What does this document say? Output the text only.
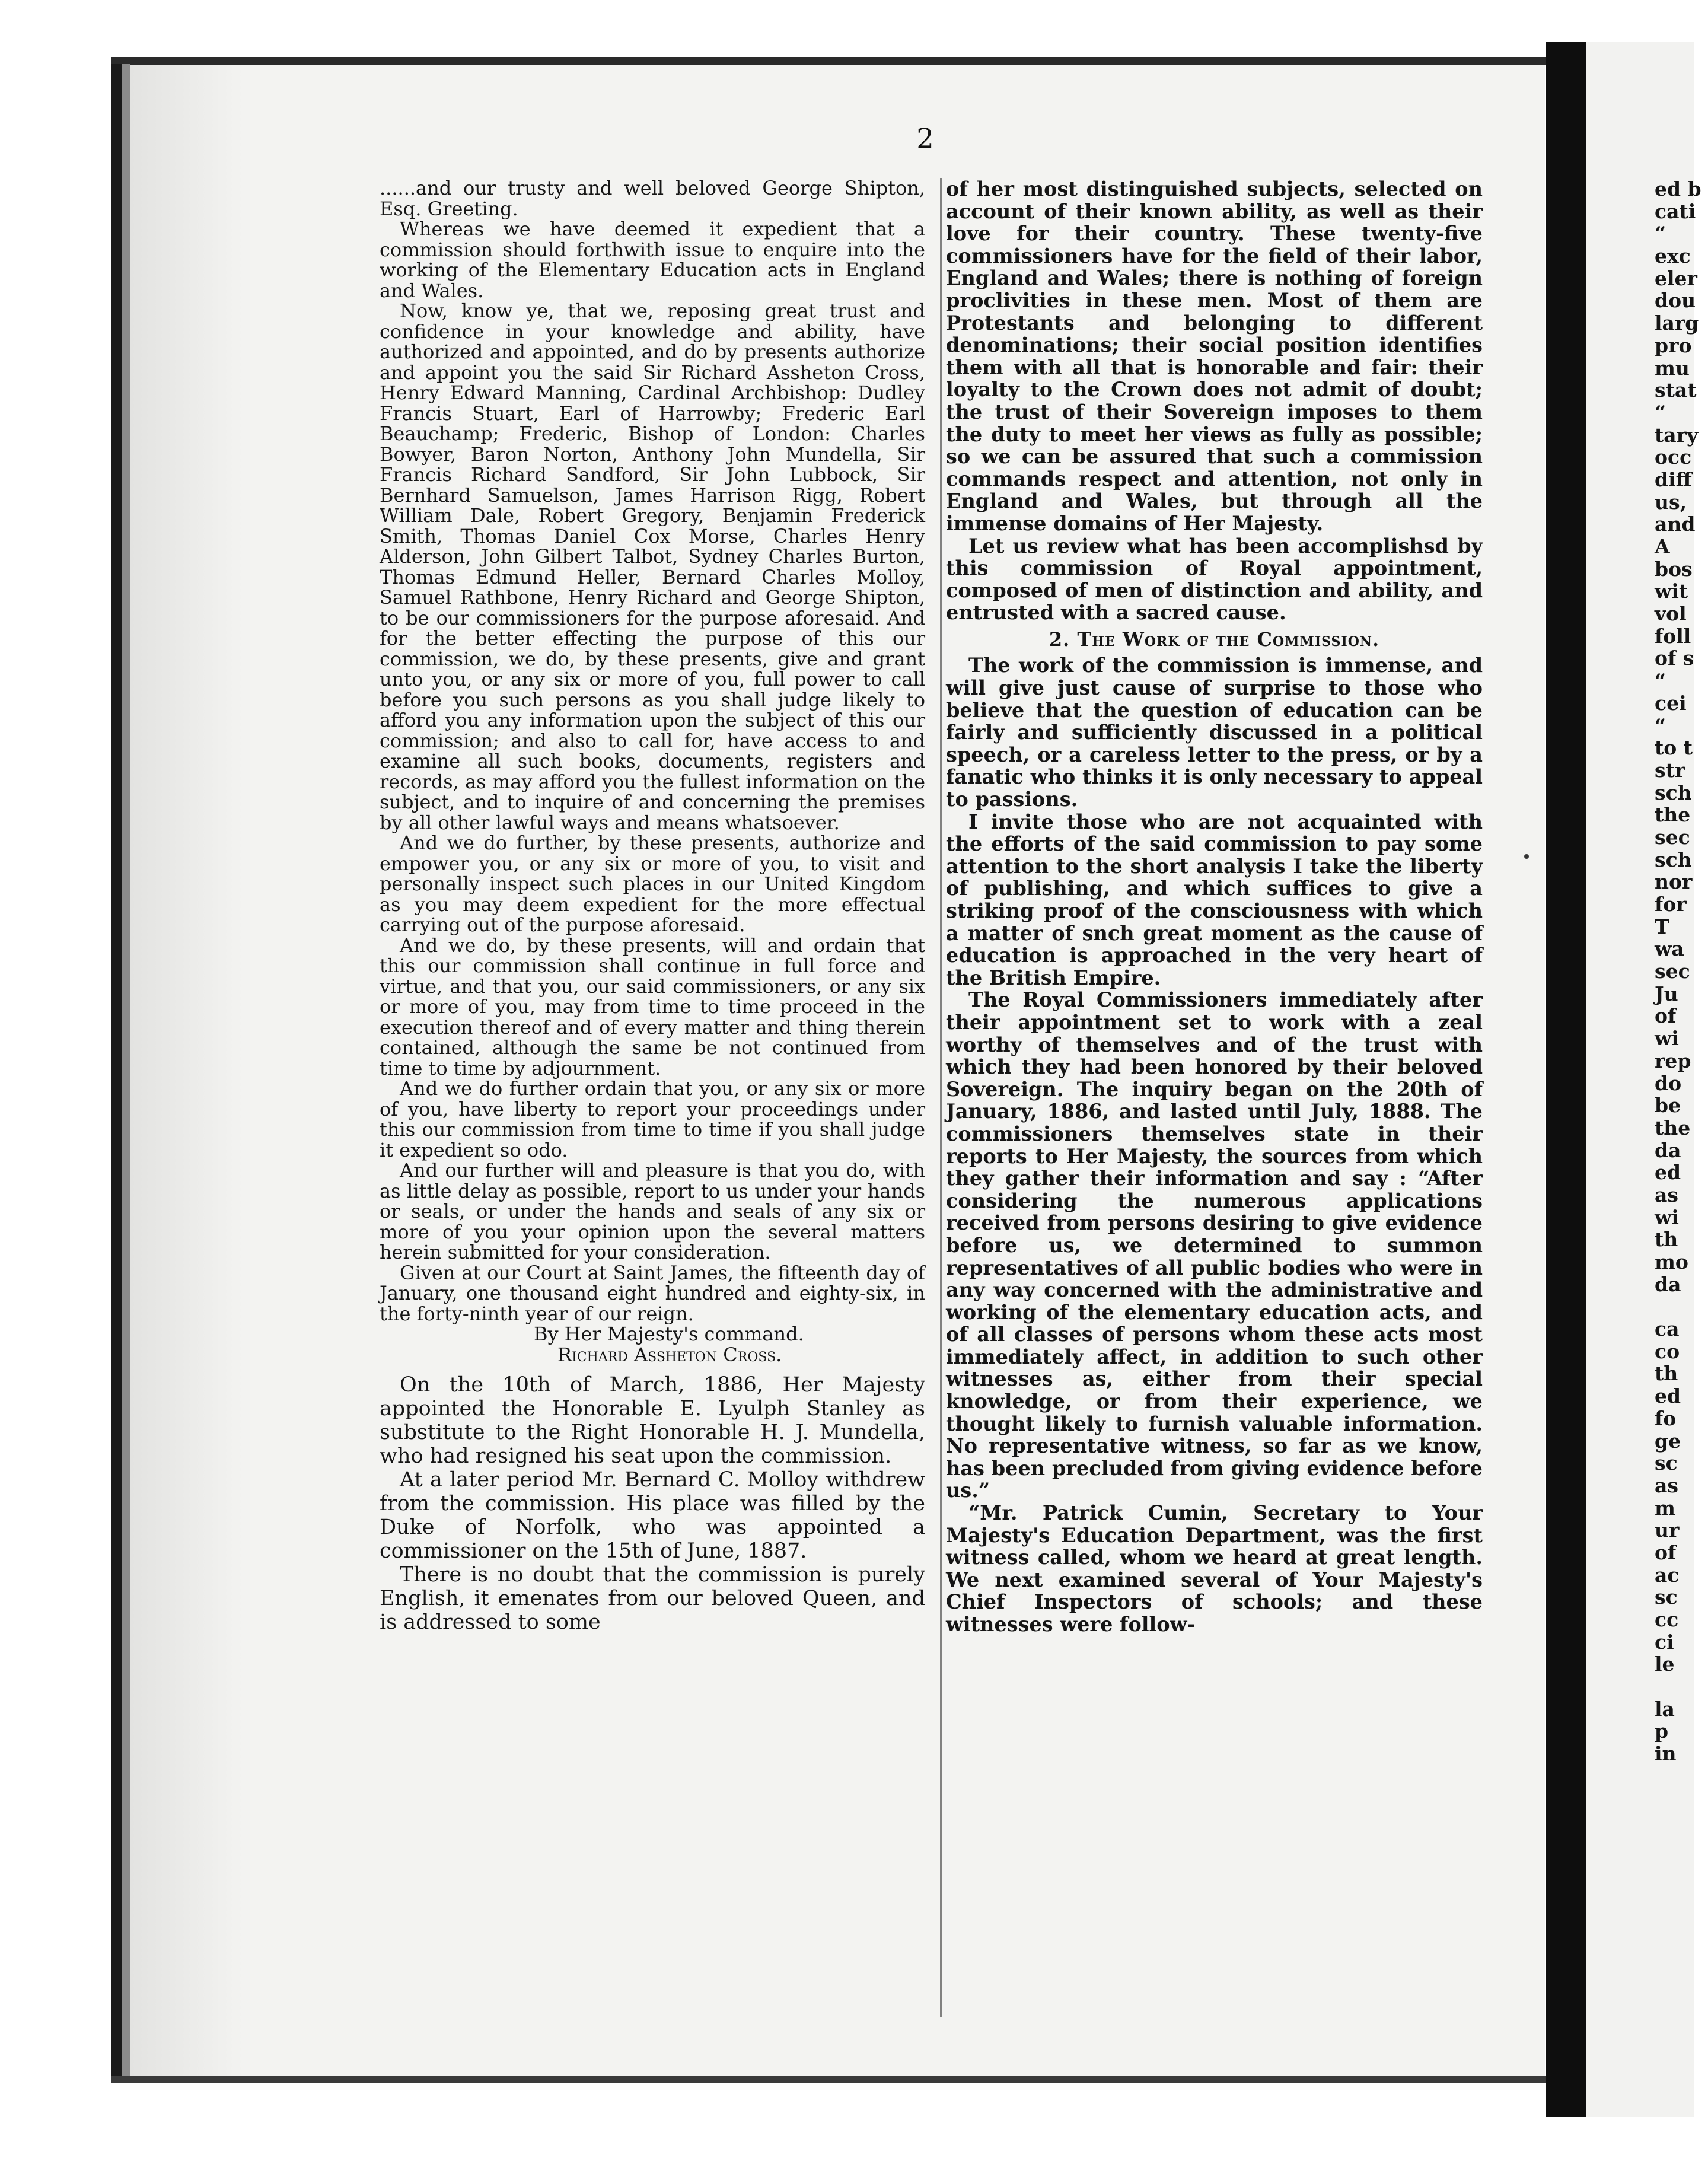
2

......and our trusty and well beloved George Shipton, Esq. Greeting.

Whereas we have deemed it expedient that a commission should forthwith issue to enquire into the working of the Elementary Education acts in England and Wales.

Now, know ye, that we, reposing great trust and confidence in your knowledge and ability, have authorized and appointed, and do by presents authorize and appoint you the said Sir Richard Assheton Cross, Henry Edward Manning, Cardinal Archbishop: Dudley Francis Stuart, Earl of Harrowby; Frederic Earl Beauchamp; Frederic, Bishop of London: Charles Bowyer, Baron Norton, Anthony John Mundella, Sir Francis Richard Sandford, Sir John Lubbock, Sir Bernhard Samuelson, James Harrison Rigg, Robert William Dale, Robert Gregory, Benjamin Frederick Smith, Thomas Daniel Cox Morse, Charles Henry Alderson, John Gilbert Talbot, Sydney Charles Burton, Thomas Edmund Heller, Bernard Charles Molloy, Samuel Rathbone, Henry Richard and George Shipton, to be our commissioners for the purpose aforesaid. And for the better effecting the purpose of this our commission, we do, by these presents, give and grant unto you, or any six or more of you, full power to call before you such persons as you shall judge likely to afford you any information upon the subject of this our commission; and also to call for, have access to and examine all such books, documents, registers and records, as may afford you the fullest information on the subject, and to inquire of and concerning the premises by all other lawful ways and means whatsoever.

And we do further, by these presents, authorize and empower you, or any six or more of you, to visit and personally inspect such places in our United Kingdom as you may deem expedient for the more effectual carrying out of the purpose aforesaid.

And we do, by these presents, will and ordain that this our commission shall continue in full force and virtue, and that you, our said commissioners, or any six or more of you, may from time to time proceed in the execution thereof and of every matter and thing therein contained, although the same be not continued from time to time by adjournment.

And we do further ordain that you, or any six or more of you, have liberty to report your proceedings under this our commission from time to time if you shall judge it expedient so odo.

And our further will and pleasure is that you do, with as little delay as possible, report to us under your hands or seals, or under the hands and seals of any six or more of you your opinion upon the several matters herein submitted for your consideration.

Given at our Court at Saint James, the fifteenth day of January, one thousand eight hundred and eighty-six, in the forty-ninth year of our reign.

By Her Majesty's command.

Richard Assheton Cross.

On the 10th of March, 1886, Her Majesty appointed the Honorable E. Lyulph Stanley as substitute to the Right Honorable H. J. Mundella, who had resigned his seat upon the commission.

At a later period Mr. Bernard C. Molloy withdrew from the commission. His place was filled by the Duke of Norfolk, who was appointed a commissioner on the 15th of June, 1887.

There is no doubt that the commission is purely English, it emenates from our beloved Queen, and is addressed to some

of her most distinguished subjects, selected on account of their known ability, as well as their love for their country. These twenty-five commissioners have for the field of their labor, England and Wales; there is nothing of foreign proclivities in these men. Most of them are Protestants and belonging to different denominations; their social position identifies them with all that is honorable and fair: their loyalty to the Crown does not admit of doubt; the trust of their Sovereign imposes to them the duty to meet her views as fully as possible; so we can be assured that such a commission commands respect and attention, not only in England and Wales, but through all the immense domains of Her Majesty.

Let us review what has been accomplishsd by this commission of Royal appointment, composed of men of distinction and ability, and entrusted with a sacred cause.

2. The Work of the Commission.

The work of the commission is immense, and will give just cause of surprise to those who believe that the question of education can be fairly and sufficiently discussed in a political speech, or a careless letter to the press, or by a fanatic who thinks it is only necessary to appeal to passions.

I invite those who are not acquainted with the efforts of the said commission to pay some attention to the short analysis I take the liberty of publishing, and which suffices to give a striking proof of the consciousness with which a matter of snch great moment as the cause of education is approached in the very heart of the British Empire.

The Royal Commissioners immediately after their appointment set to work with a zeal worthy of themselves and of the trust with which they had been honored by their beloved Sovereign. The inquiry began on the 20th of January, 1886, and lasted until July, 1888. The commissioners themselves state in their reports to Her Majesty, the sources from which they gather their information and say : “After considering the numerous applications received from persons desiring to give evidence before us, we determined to summon representatives of all public bodies who were in any way concerned with the administrative and working of the elementary education acts, and of all classes of persons whom these acts most immediately affect, in addition to such other witnesses as, either from their special knowledge, or from their experience, we thought likely to furnish valuable information. No representative witness, so far as we know, has been precluded from giving evidence before us.”

“Mr. Patrick Cumin, Secretary to Your Majesty's Education Department, was the first witness called, whom we heard at great length. We next examined several of Your Majesty's Chief Inspectors of schools; and these witnesses were follow-

ed b
cati
“
exc
eler
dou
larg
pro
mu
stat
“
tary
occ
diff
us,
and
A
bos
wit
vol
foll
of s
“
cei
“
to t
str
sch
the
sec
sch
nor
for
T
wa
sec
Ju
of
wi
rep
do
be
the
da
ed
as
wi
th
mo
da
ca
co
th
ed
fo
ge
sc
as
m
ur
of
ac
sc
cc
ci
le
la
p
in
